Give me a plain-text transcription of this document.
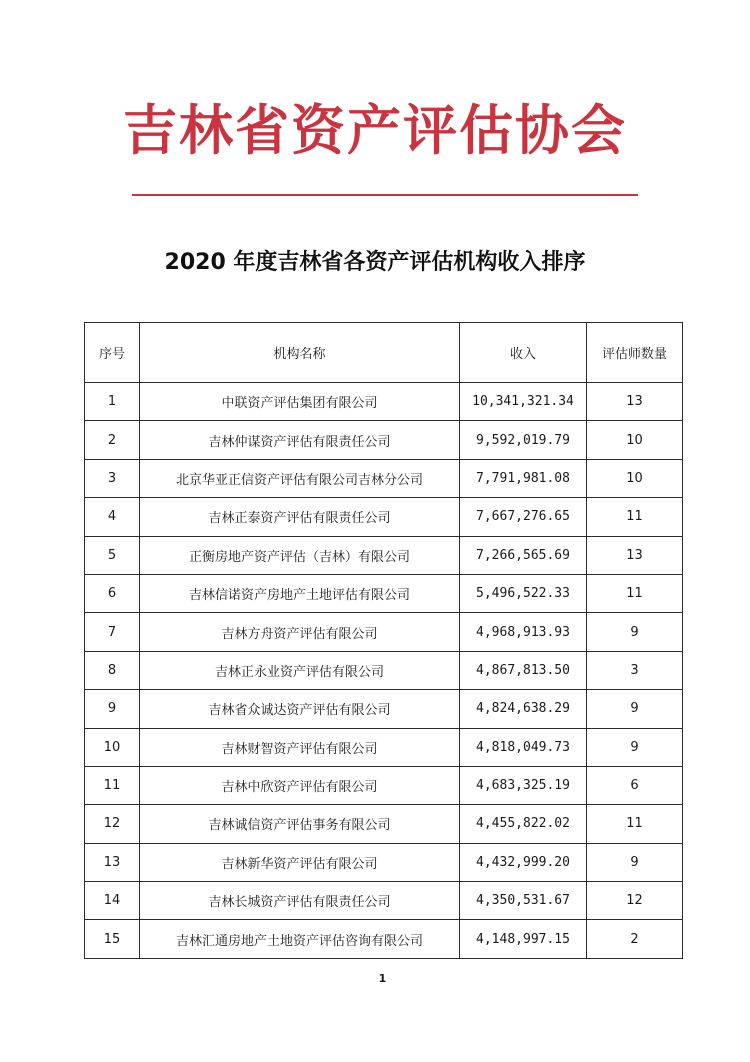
吉林省资产评估协会
2020 年度吉林省各资产评估机构收入排序
序号	机构名称	收入	评估师数量
1	中联资产评估集团有限公司	10,341,321.34	13
2	吉林仲谋资产评估有限责任公司	9,592,019.79	10
3	北京华亚正信资产评估有限公司吉林分公司	7,791,981.08	10
4	吉林正泰资产评估有限责任公司	7,667,276.65	11
5	正衡房地产资产评估（吉林）有限公司	7,266,565.69	13
6	吉林信诺资产房地产土地评估有限公司	5,496,522.33	11
7	吉林方舟资产评估有限公司	4,968,913.93	9
8	吉林正永业资产评估有限公司	4,867,813.50	3
9	吉林省众诚达资产评估有限公司	4,824,638.29	9
10	吉林财智资产评估有限公司	4,818,049.73	9
11	吉林中欣资产评估有限公司	4,683,325.19	6
12	吉林诚信资产评估事务有限公司	4,455,822.02	11
13	吉林新华资产评估有限公司	4,432,999.20	9
14	吉林长城资产评估有限责任公司	4,350,531.67	12
15	吉林汇通房地产土地资产评估咨询有限公司	4,148,997.15	2
1
